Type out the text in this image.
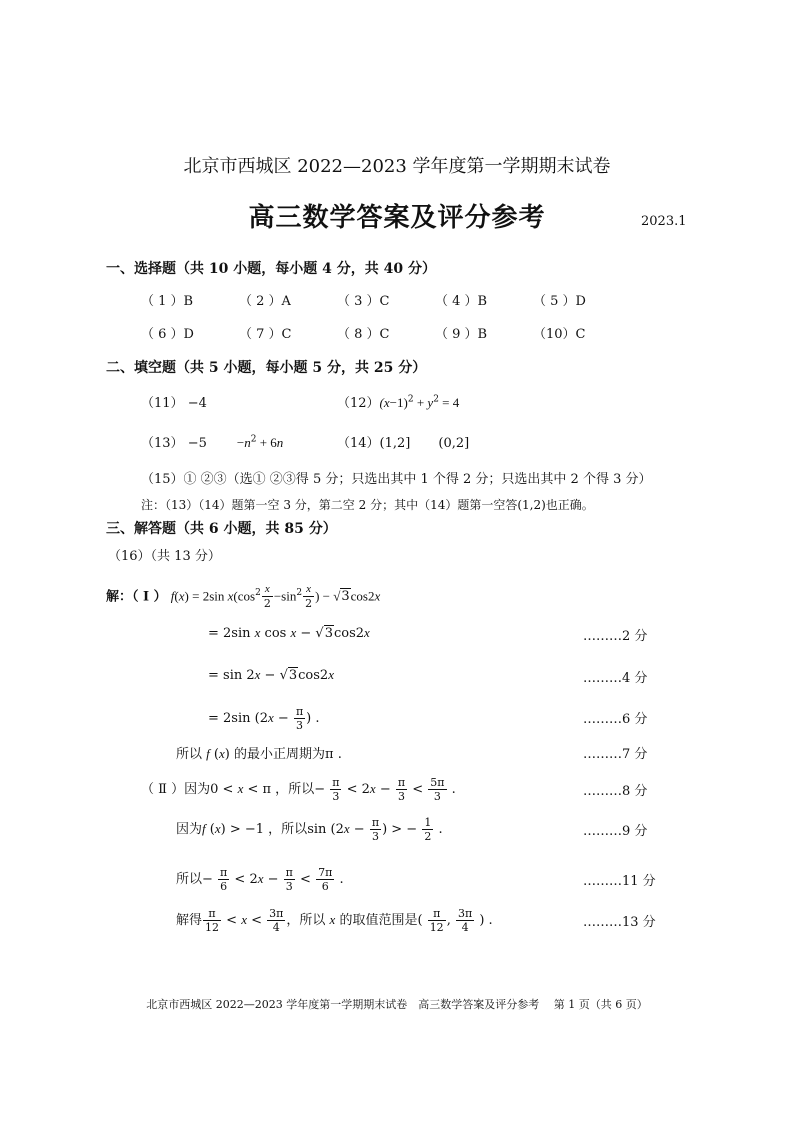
北京市西城区 2022—2023 学年度第一学期期末试卷
高三数学答案及评分参考	2023.1
一、选择题（共 10 小题，每小题 4 分，共 40 分）
（ 1 ）B	（ 2 ）A	（ 3 ）C	（ 4 ）B	（ 5 ）D
（ 6 ）D	（ 7 ）C	（ 8 ）C	（ 9 ）B	（10）C
二、填空题（共 5 小题，每小题 5 分，共 25 分）
（11） −4	$(12)(x-1)^2 + y^2 = 4$
$(13) -5 -n^2 + 6n$	（14）(1,2] (0,2]
（15）① ②③（选① ②③得 5 分；只选出其中 1 个得 2 分；只选出其中 2 个得 3 分）
注：（13）（14）题第一空 3 分，第二空 2 分；其中（14）题第一空答(1,2)也正确。
三、解答题（共 6 小题，共 85 分）
（16）（共 13 分）
解：（ Ⅰ ） f(x) = 2sin $x(\cos^2 \frac{x}{2} -\sin^2 \frac{x}{2}$ ) − √3cos2x
= 2sin x cos x − √3cos2x	………2 分
= sin 2x − √3cos2x	………4 分
= 2sin ($2x - \frac{\pi}{3}$ ) .	………6 分
所以 f (x) 的最小正周期为π .	………7 分
（ Ⅱ ）因为0 < x < π ，所以− $\frac{\pi}{3} < 2x - \frac{\pi}{3} < \frac{5\pi}{3}$ .	………8 分
因为f (x) > −1 ，所以$\sin (2x - \frac{\pi}{3}$ ) > − $\frac{1}{2}$ .	………9 分
所以− $\frac{\pi}{6} < 2x - \frac{\pi}{3} < \frac{7\pi}{6}$ .	………11 分
解得 $\frac{\pi}{12} < x < \frac{3\pi}{4}$ ，所以 x 的取值范围是( $\frac{\pi}{12}$ , $\frac{3\pi}{4}$ ) .	………13 分
北京市西城区 2022—2023 学年度第一学期期末试卷　高三数学答案及评分参考　 第 1 页（共 6 页）
